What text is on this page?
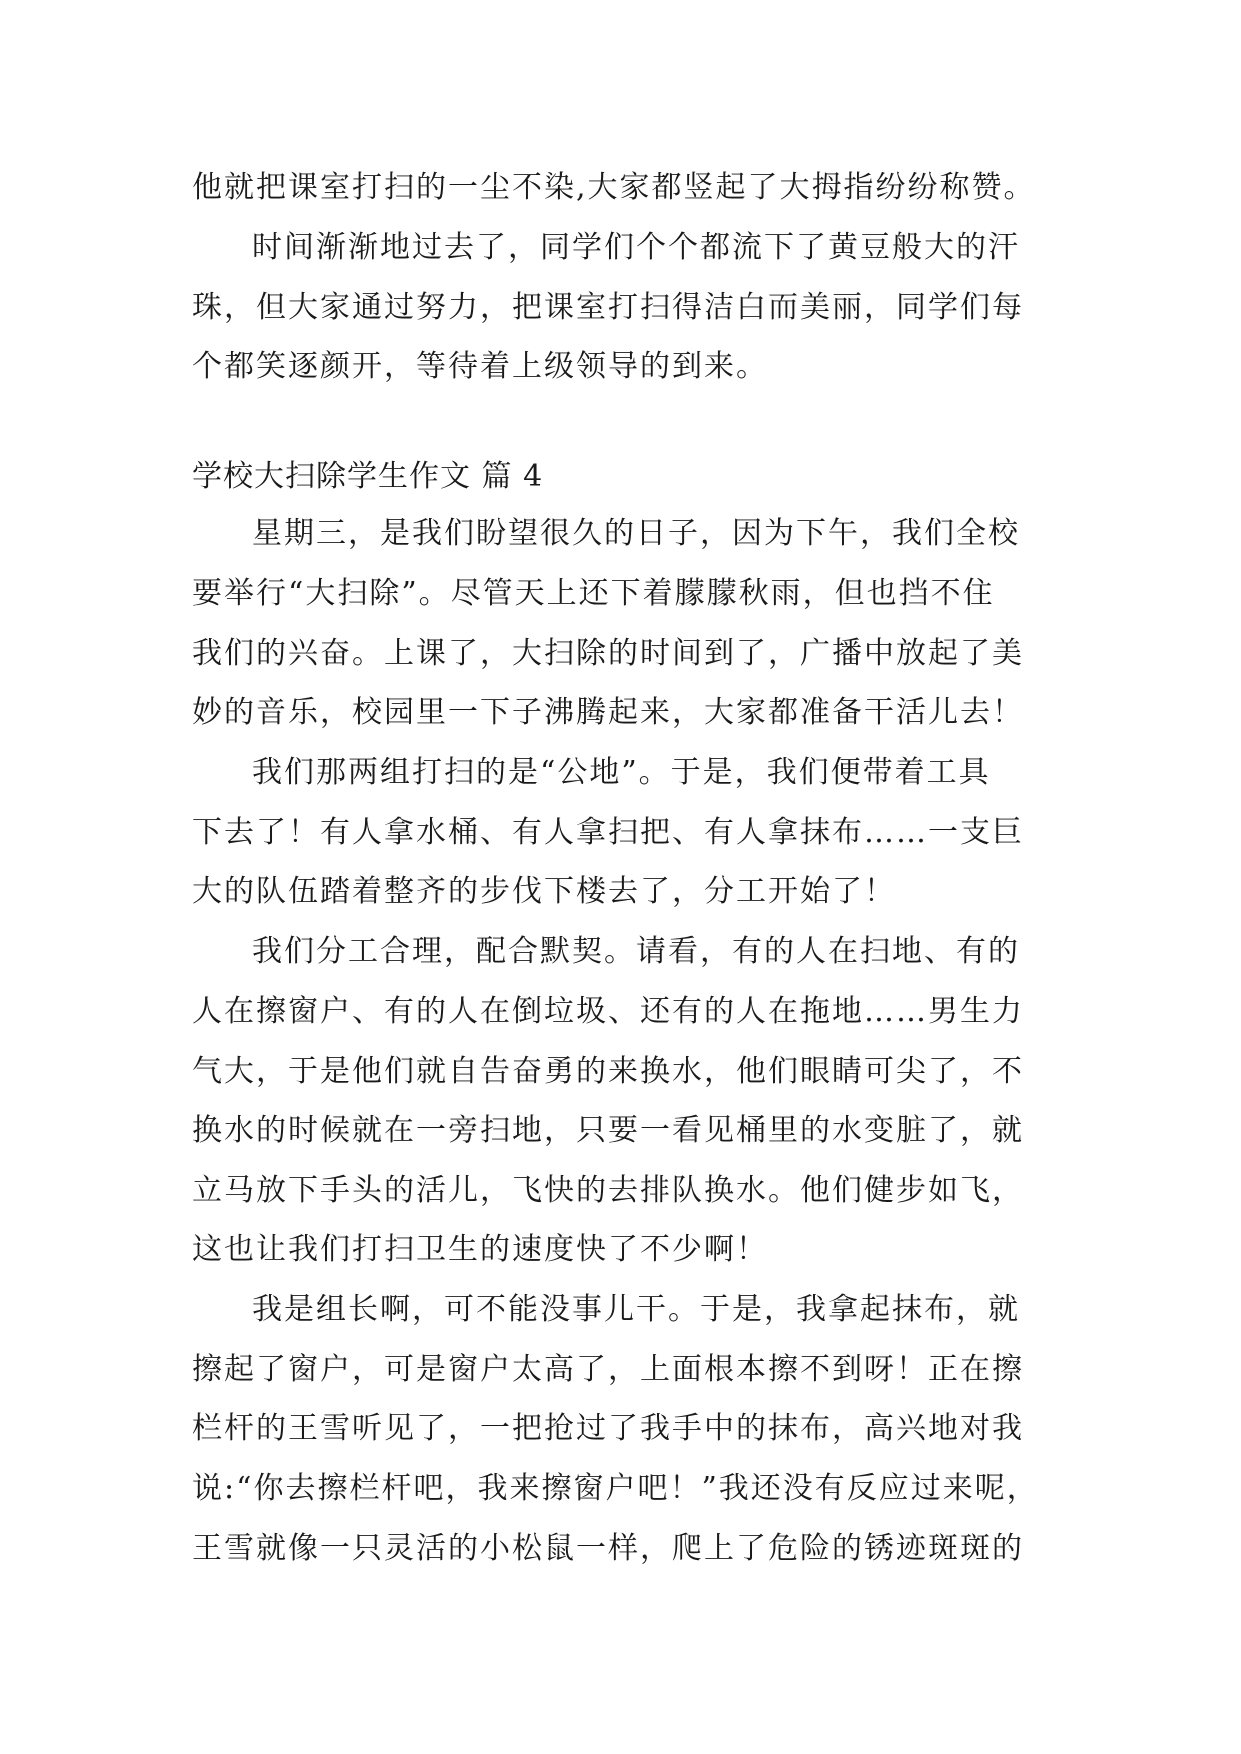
他就把课室打扫的一尘不染,大家都竖起了大拇指纷纷称赞。
时间渐渐地过去了，同学们个个都流下了黄豆般大的汗
珠，但大家通过努力，把课室打扫得洁白而美丽，同学们每
个都笑逐颜开，等待着上级领导的到来。
学校大扫除学生作文 篇 4
星期三，是我们盼望很久的日子，因为下午，我们全校
要举行“大扫除”。尽管天上还下着朦朦秋雨，但也挡不住
我们的兴奋。上课了，大扫除的时间到了，广播中放起了美
妙的音乐，校园里一下子沸腾起来，大家都准备干活儿去！
我们那两组打扫的是“公地”。于是，我们便带着工具
下去了！有人拿水桶、有人拿扫把、有人拿抹布……一支巨
大的队伍踏着整齐的步伐下楼去了，分工开始了！
我们分工合理，配合默契。请看，有的人在扫地、有的
人在擦窗户、有的人在倒垃圾、还有的人在拖地……男生力
气大，于是他们就自告奋勇的来换水，他们眼睛可尖了，不
换水的时候就在一旁扫地，只要一看见桶里的水变脏了，就
立马放下手头的活儿，飞快的去排队换水。他们健步如飞，
这也让我们打扫卫生的速度快了不少啊！
我是组长啊，可不能没事儿干。于是，我拿起抹布，就
擦起了窗户，可是窗户太高了，上面根本擦不到呀！正在擦
栏杆的王雪听见了，一把抢过了我手中的抹布，高兴地对我
说:“你去擦栏杆吧，我来擦窗户吧！”我还没有反应过来呢，
王雪就像一只灵活的小松鼠一样，爬上了危险的锈迹斑斑的
